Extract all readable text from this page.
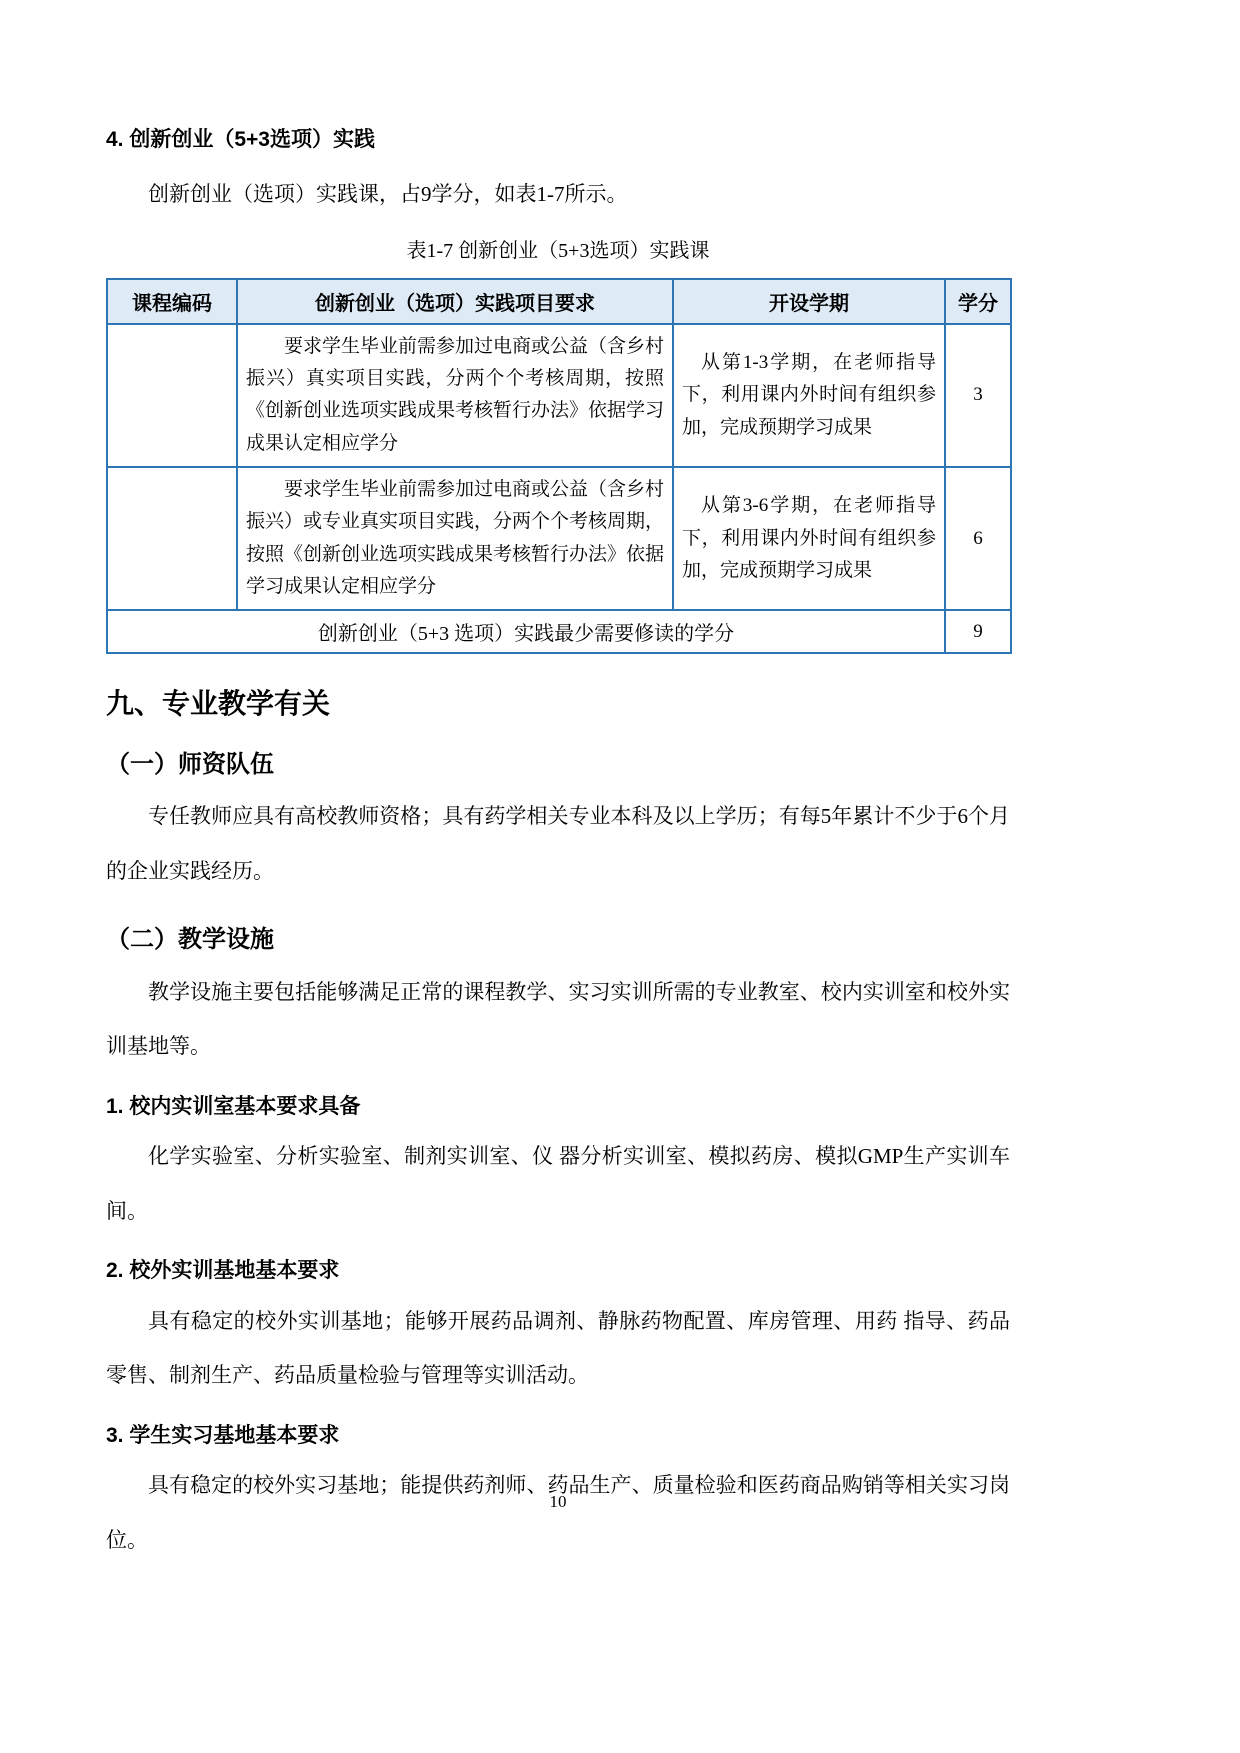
4. 创新创业（5+3选项）实践

创新创业（选项）实践课，占9学分，如表1-7所示。

表1-7 创新创业（5+3选项）实践课

课程编码	创新创业（选项）实践项目要求	开设学期	学分
	要求学生毕业前需参加过电商或公益（含乡村振兴）真实项目实践，分两个个考核周期，按照《创新创业选项实践成果考核暂行办法》依据学习成果认定相应学分	从第1-3学期，在老师指导下，利用课内外时间有组织参加，完成预期学习成果	3
	要求学生毕业前需参加过电商或公益（含乡村振兴）或专业真实项目实践，分两个个考核周期，按照《创新创业选项实践成果考核暂行办法》依据学习成果认定相应学分	从第3-6学期，在老师指导下，利用课内外时间有组织参加，完成预期学习成果	6
创新创业（5+3 选项）实践最少需要修读的学分			9
九、专业教学有关
（一）师资队伍

专任教师应具有高校教师资格；具有药学相关专业本科及以上学历；有每5年累计不少于6个月的企业实践经历。

（二）教学设施

教学设施主要包括能够满足正常的课程教学、实习实训所需的专业教室、校内实训室和校外实训基地等。

1. 校内实训室基本要求具备

化学实验室、分析实验室、制剂实训室、仪 器分析实训室、模拟药房、模拟GMP生产实训车间。

2. 校外实训基地基本要求

具有稳定的校外实训基地；能够开展药品调剂、静脉药物配置、库房管理、用药 指导、药品零售、制剂生产、药品质量检验与管理等实训活动。

3. 学生实习基地基本要求

具有稳定的校外实习基地；能提供药剂师、药品生产、质量检验和医药商品购销等相关实习岗位。

10
